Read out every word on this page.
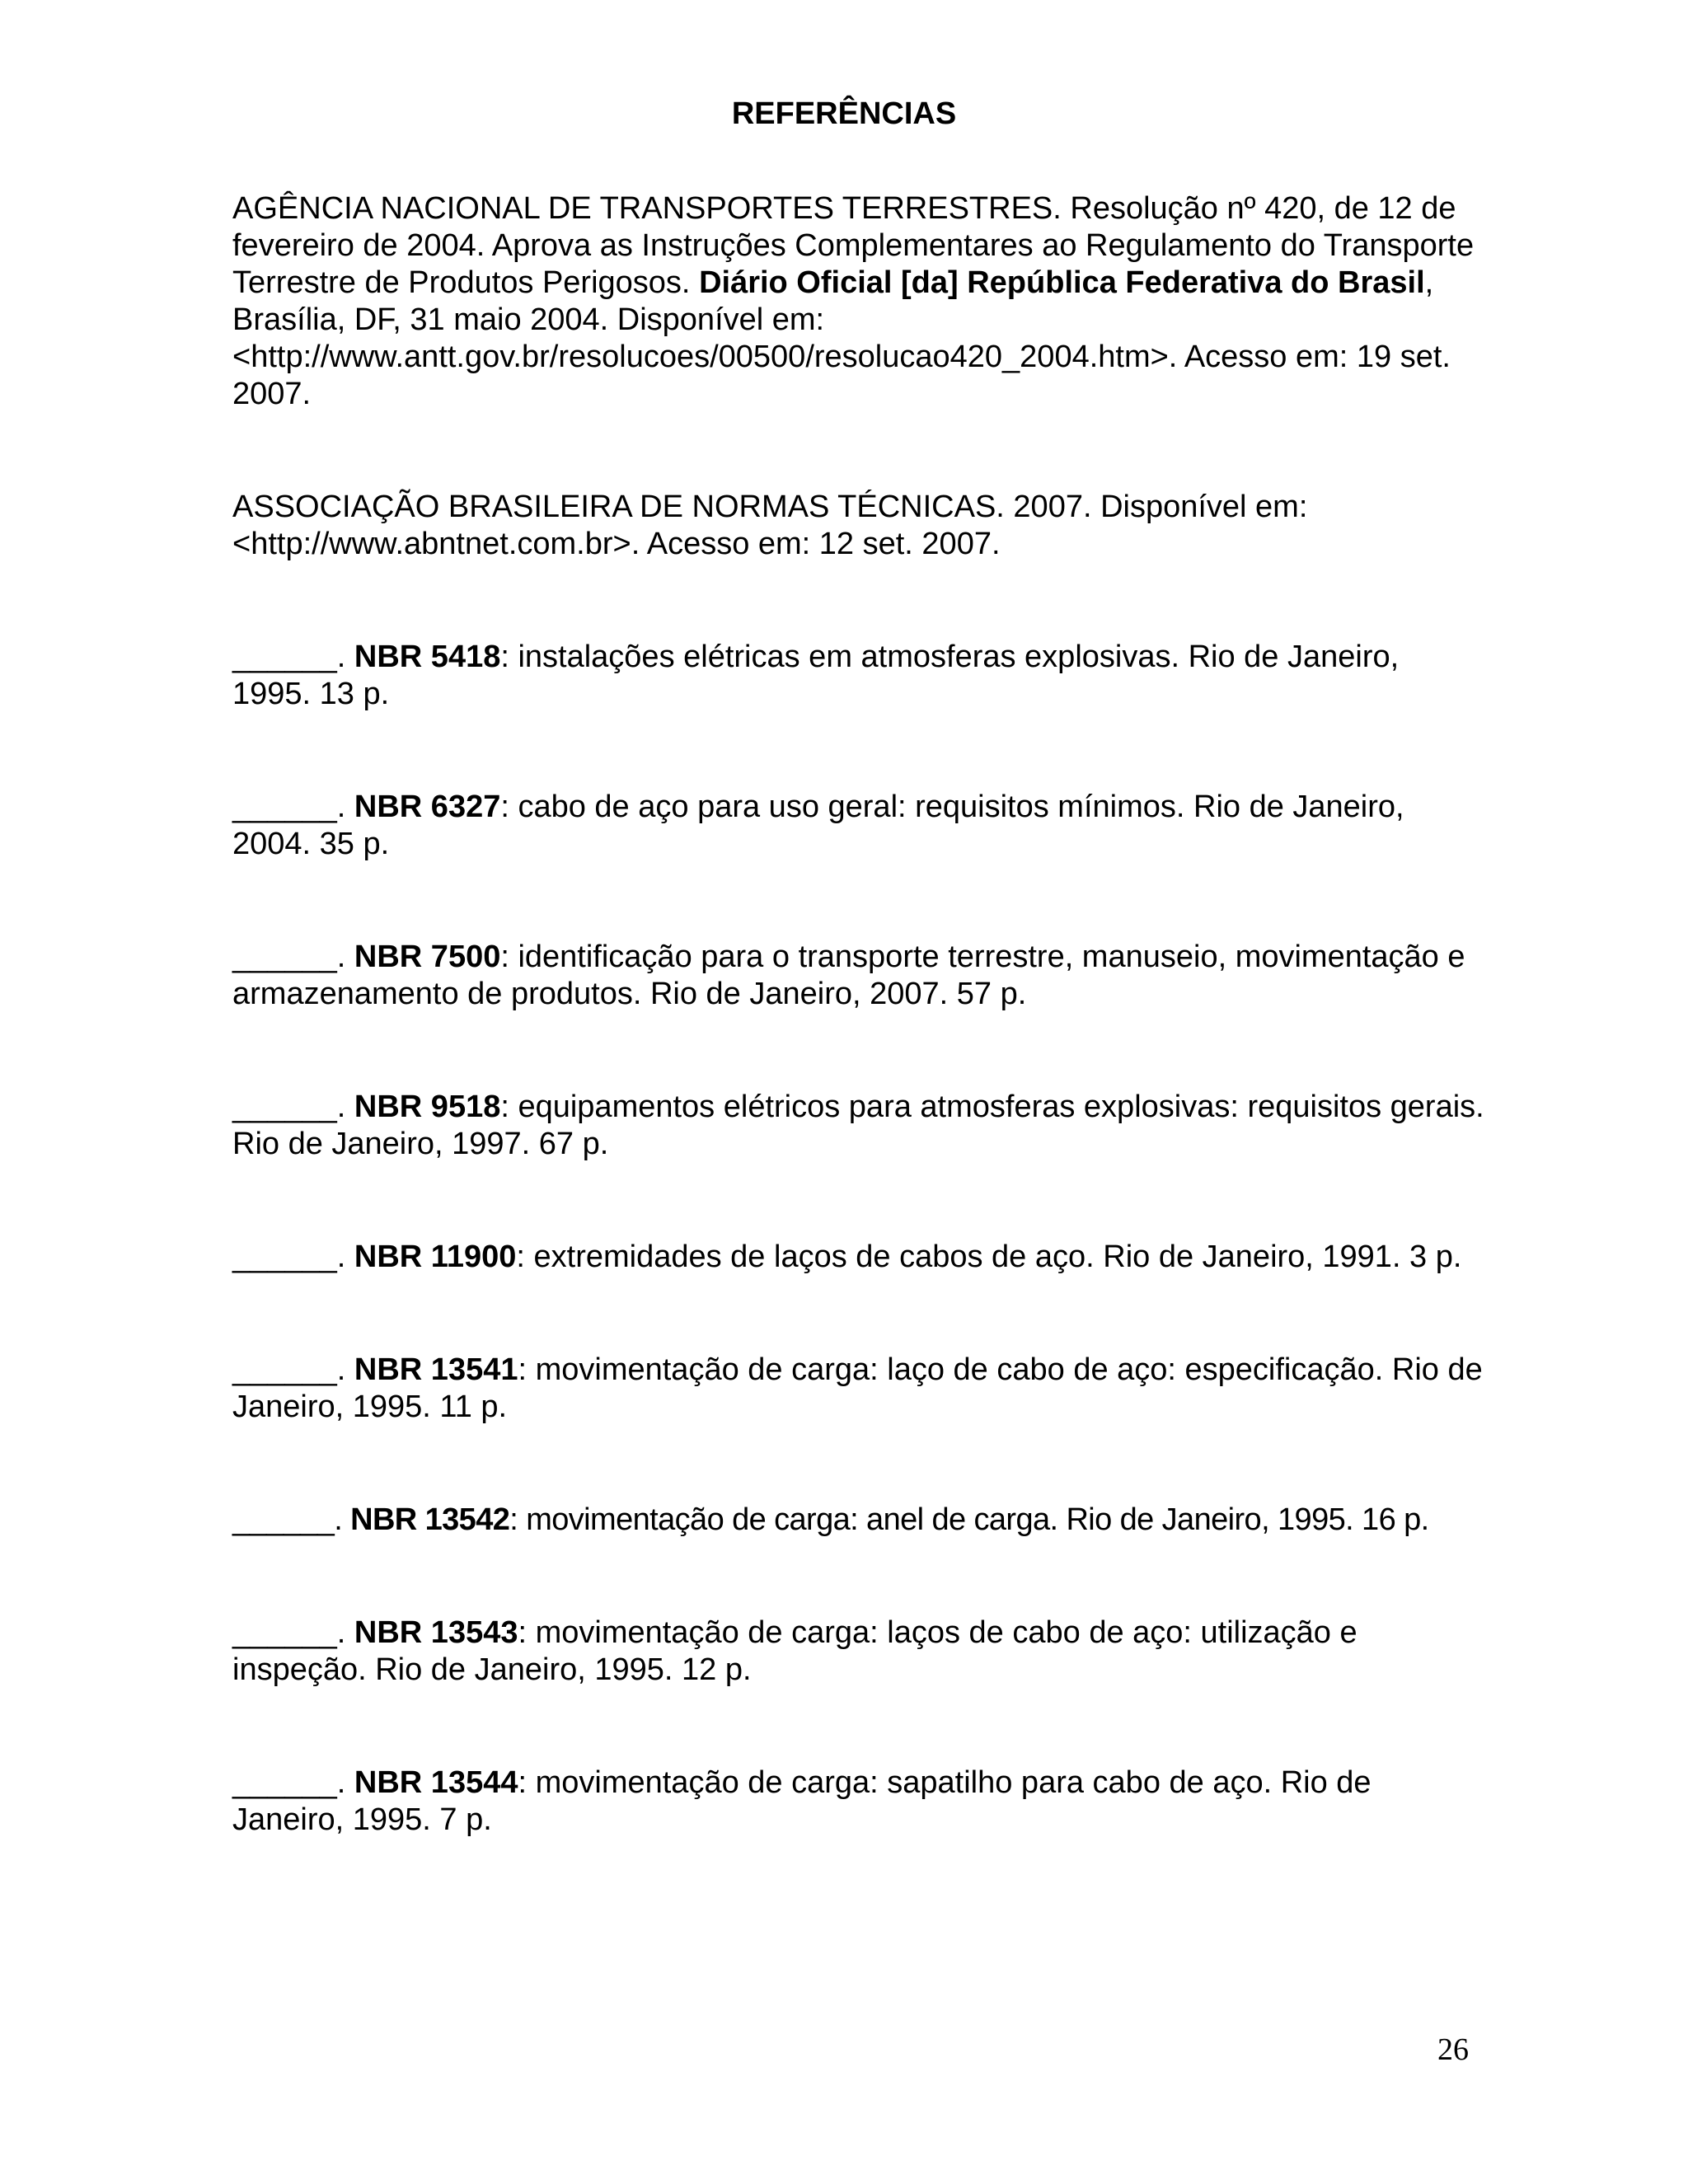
REFERÊNCIAS

AGÊNCIA NACIONAL DE TRANSPORTES TERRESTRES. Resolução nº 420, de 12 de fevereiro de 2004. Aprova as Instruções Complementares ao Regulamento do Transporte Terrestre de Produtos Perigosos. Diário Oficial [da] República Federativa do Brasil, Brasília, DF, 31 maio 2004. Disponível em: <http://www.antt.gov.br/resolucoes/00500/resolucao420_2004.htm>. Acesso em: 19 set. 2007.

ASSOCIAÇÃO BRASILEIRA DE NORMAS TÉCNICAS. 2007. Disponível em: <http://www.abntnet.com.br>. Acesso em: 12 set. 2007.

______. NBR 5418: instalações elétricas em atmosferas explosivas. Rio de Janeiro, 1995. 13 p.

______. NBR 6327: cabo de aço para uso geral: requisitos mínimos. Rio de Janeiro, 2004. 35 p.

______. NBR 7500: identificação para o transporte terrestre, manuseio, movimentação e armazenamento de produtos. Rio de Janeiro, 2007. 57 p.

______. NBR 9518: equipamentos elétricos para atmosferas explosivas: requisitos gerais. Rio de Janeiro, 1997. 67 p.

______. NBR 11900: extremidades de laços de cabos de aço. Rio de Janeiro, 1991. 3 p.

______. NBR 13541: movimentação de carga: laço de cabo de aço: especificação. Rio de Janeiro, 1995. 11 p.

______. NBR 13542: movimentação de carga: anel de carga. Rio de Janeiro, 1995. 16 p.

______. NBR 13543: movimentação de carga: laços de cabo de aço: utilização e inspeção. Rio de Janeiro, 1995. 12 p.

______. NBR 13544: movimentação de carga: sapatilho para cabo de aço. Rio de Janeiro, 1995. 7 p.

26
